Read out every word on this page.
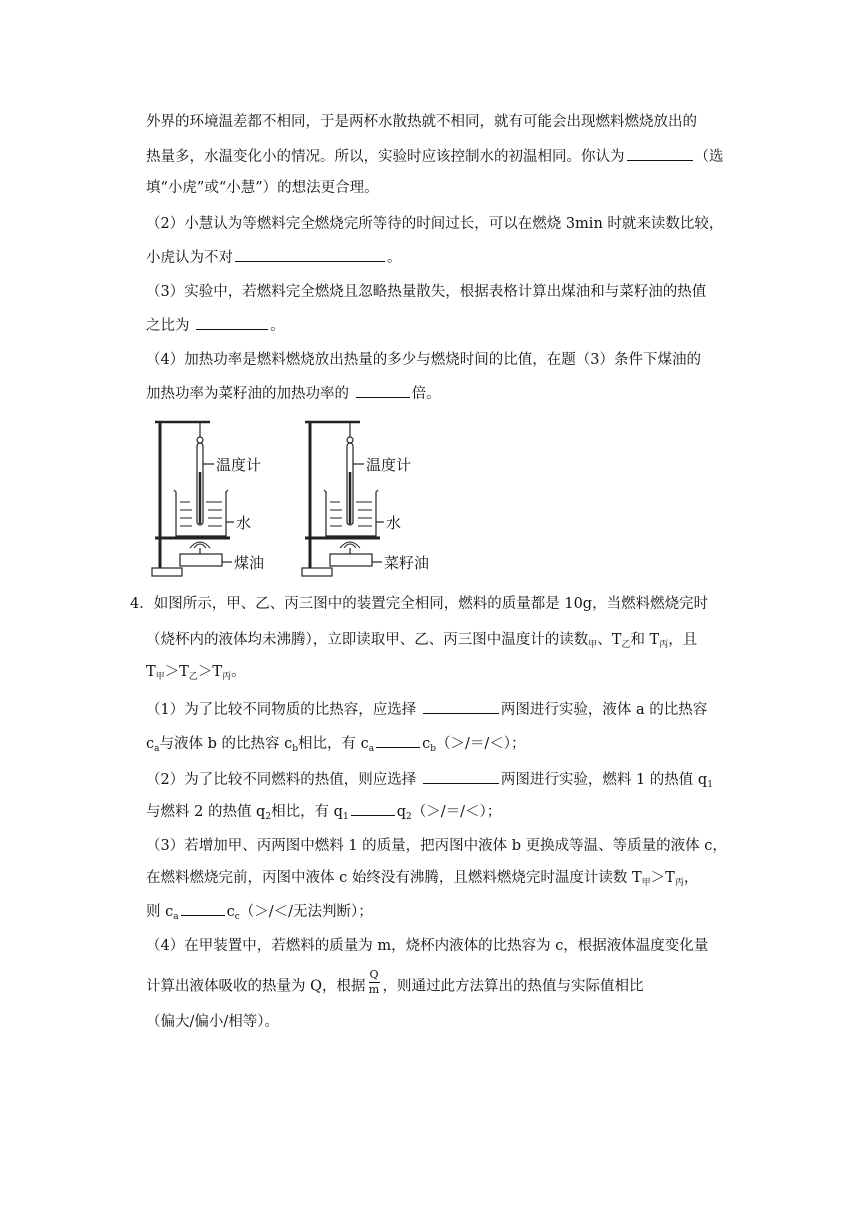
外界的环境温差都不相同，于是两杯水散热就不相同，就有可能会出现燃料燃烧放出的
热量多，水温变化小的情况。所以，实验时应该控制水的初温相同。你认为	（选
填“小虎”或“小慧”）的想法更合理。
（2）小慧认为等燃料完全燃烧完所等待的时间过长，可以在燃烧 3min 时就来读数比较，
小虎认为不对	。
（3）实验中，若燃料完全燃烧且忽略热量散失，根据表格计算出煤油和与菜籽油的热值
之比为	。
（4）加热功率是燃料燃烧放出热量的多少与燃烧时间的比值，在题（3）条件下煤油的
加热功率为菜籽油的加热功率的	倍。
温度计
水
煤油
温度计
水
菜籽油
4．如图所示，甲、乙、丙三图中的装置完全相同，燃料的质量都是 10g，当燃料燃烧完时
（烧杯内的液体均未沸腾），立即读取甲、乙、丙三图中温度计的读数$_甲$、$T_乙$和 $T_丙$，且
$T_甲>T_乙>T_丙$。
（1）为了比较不同物质的比热容，应选择	两图进行实验，液体 a 的比热容
$c_a$与液体 b 的比热容 $c_b$相比，有 $c_a$	$c_b(>/=/<)$；
（2）为了比较不同燃料的热值，则应选择	两图进行实验，燃料 1 的热值 $q_1$
与燃料 2 的热值 $q_2$相比，有 $q_1$	$q_2(>/=/<)$；
（3）若增加甲、丙两图中燃料 1 的质量，把丙图中液体 b 更换成等温、等质量的液体 c，
在燃料燃烧完前，丙图中液体 c 始终没有沸腾，且燃料燃烧完时温度计读数 $T_甲>T_丙$，
则 $c_a$	$c_c(>/</$无法判断）；
（4）在甲装置中，若燃料的质量为 m，烧杯内液体的比热容为 c，根据液体温度变化量
计算出液体吸收的热量为 Q，根据 $\frac{Q}{m}$ ，则通过此方法算出的热值与实际值相比
（偏大/偏小/相等）。
